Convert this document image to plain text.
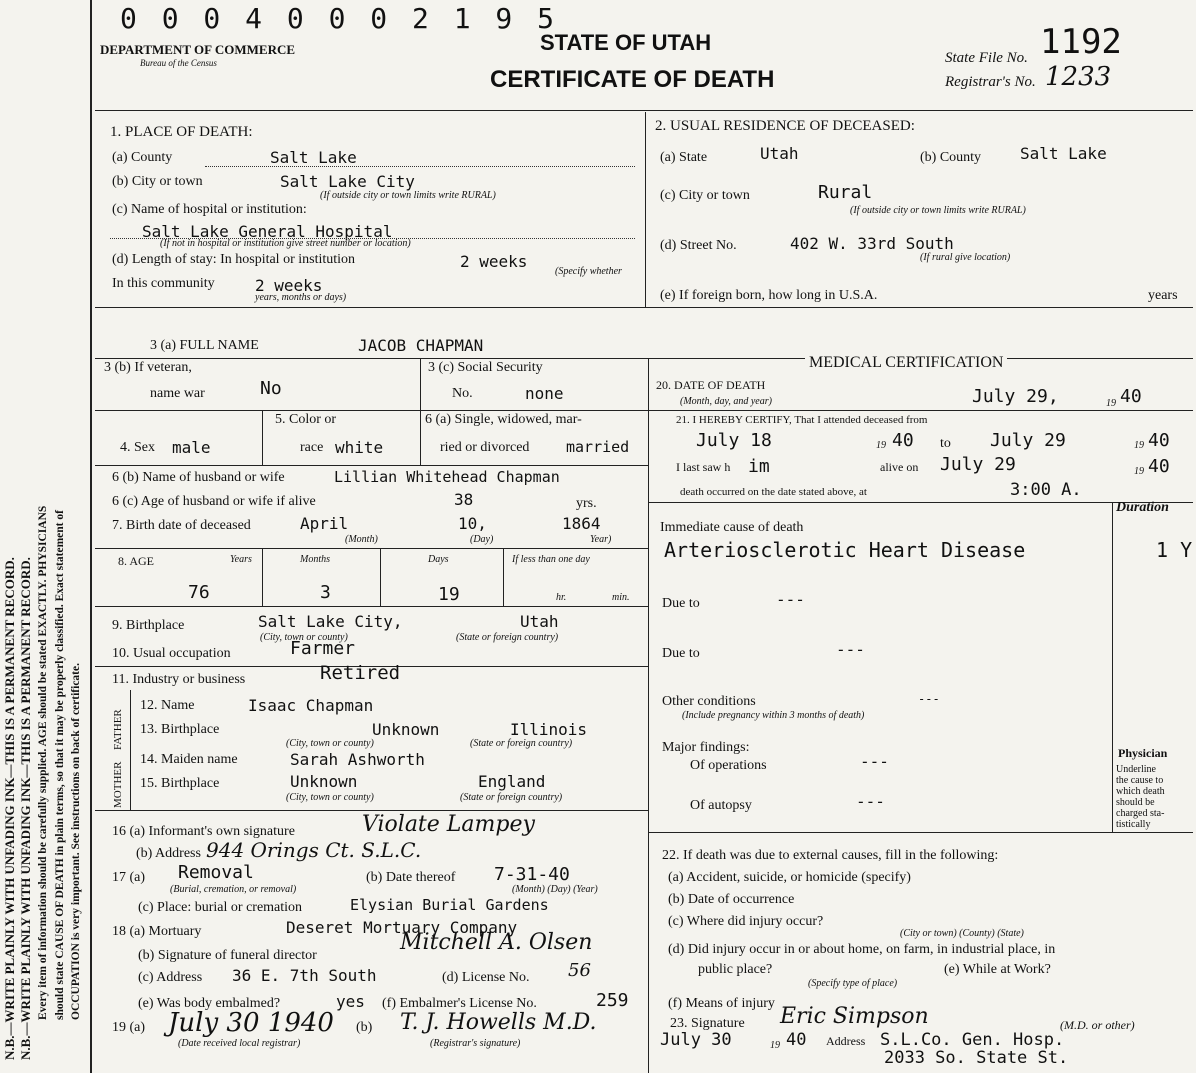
N.B.—WRITE PLAINLY WITH UNFADING INK—THIS IS A PERMANENT RECORD. N.B.—WRITE PLAINLY WITH UNFADING INK—THIS IS A PERMANENT RECORD. Every item of information should be carefully supplied. AGE should be stated EXACTLY. PHYSICIANS should state CAUSE OF DEATH in plain terms, so that it may be properly classified. Exact statement of OCCUPATION is very important. See instructions on back of certificate.
0 0 0 4 0 0 0 2 1 9 5
DEPARTMENT OF COMMERCE
Bureau of the Census
STATE OF UTAH
CERTIFICATE OF DEATH
State File No. 1192
Registrar's No. 1233
1. PLACE OF DEATH:
(a) County	Salt Lake
(b) City or town	Salt Lake City
(If outside city or town limits write RURAL)
(c) Name of hospital or institution:
Salt Lake General Hospital
(If not in hospital or institution give street number or location)
(d) Length of stay: In hospital or institution	2 weeks
(Specify whether
In this community	2 weeks
years, months or days)
2. USUAL RESIDENCE OF DECEASED:
(a) State	Utah	(b) County Salt Lake
(c) City or town	Rural
(If outside city or town limits write RURAL)
(d) Street No.	402 W. 33rd South
(If rural give location)
(e) If foreign born, how long in U.S.A.	years
3 (a) FULL NAME	JACOB CHAPMAN
MEDICAL CERTIFICATION
3 (b) If veteran,
name war	No
3 (c) Social Security
No.	none
4. Sex male
5. Color or
race white
6 (a) Single, widowed, mar-
ried or divorced married
6 (b) Name of husband or wife	Lillian Whitehead Chapman
6 (c) Age of husband or wife if alive	38	yrs.
7. Birth date of deceased	April	10,	1864
(Month)	(Day)	Year)
8. AGE	Years	Months	Days	If less than one day
76	3	19	hr.	min.
9. Birthplace	Salt Lake City,	Utah
(City, town or county)	(State or foreign country)
10. Usual occupation	Farmer
11. Industry or business	Retired
FATHER
MOTHER
12. Name	Isaac Chapman
13. Birthplace	Unknown	Illinois
(City, town or county)	(State or foreign country)
14. Maiden name	Sarah Ashworth
15. Birthplace	Unknown	England
(City, town or county)	(State or foreign country)
16 (a) Informant's own signature	Violate Lampey
(b) Address 944 Orings Ct. S.L.C.
17 (a) Removal
(Burial, cremation, or removal)
(b) Date thereof 7-31-40
(Month) (Day) (Year)
(c) Place: burial or cremation	Elysian Burial Gardens
18 (a) Mortuary	Deseret Mortuary Company
(b) Signature of funeral director
Mitchell A. Olsen
(c) Address 36 E. 7th South	(d) License No. 56
(e) Was body embalmed?	yes (f) Embalmer's License No.	259
19 (a) July 30 1940
(Date received local registrar)
(b) T. J. Howells M.D.
(Registrar's signature)
20. DATE OF DEATH
(Month, day, and year)	July 29,	19 40
21. I HEREBY CERTIFY, That I attended deceased from
July 18	19 40 to July 29	19 40
I last saw h im	alive on July 29	19 40
death occurred on the date stated above, at	3:00 A.
Immediate cause of death
Duration
Arteriosclerotic Heart Disease	1 Y
Due to	---
Due to	---
Other conditions
(Include pregnancy within 3 months of death)
---
Major findings:
Of operations	---
Of autopsy	---
Physician
Underline
the cause to
which death
should be
charged sta-
tistically
22. If death was due to external causes, fill in the following:
(a) Accident, suicide, or homicide (specify)
(b) Date of occurrence
(c) Where did injury occur?
(City or town) (County) (State)
(d) Did injury occur in or about home, on farm, in industrial place, in
public place?
(Specify type of place)
(e) While at Work?
(f) Means of injury
23. Signature Eric Simpson	(M.D. or other)
July 30	19 40 Address S.L.Co. Gen. Hosp.
2033 So. State St.
